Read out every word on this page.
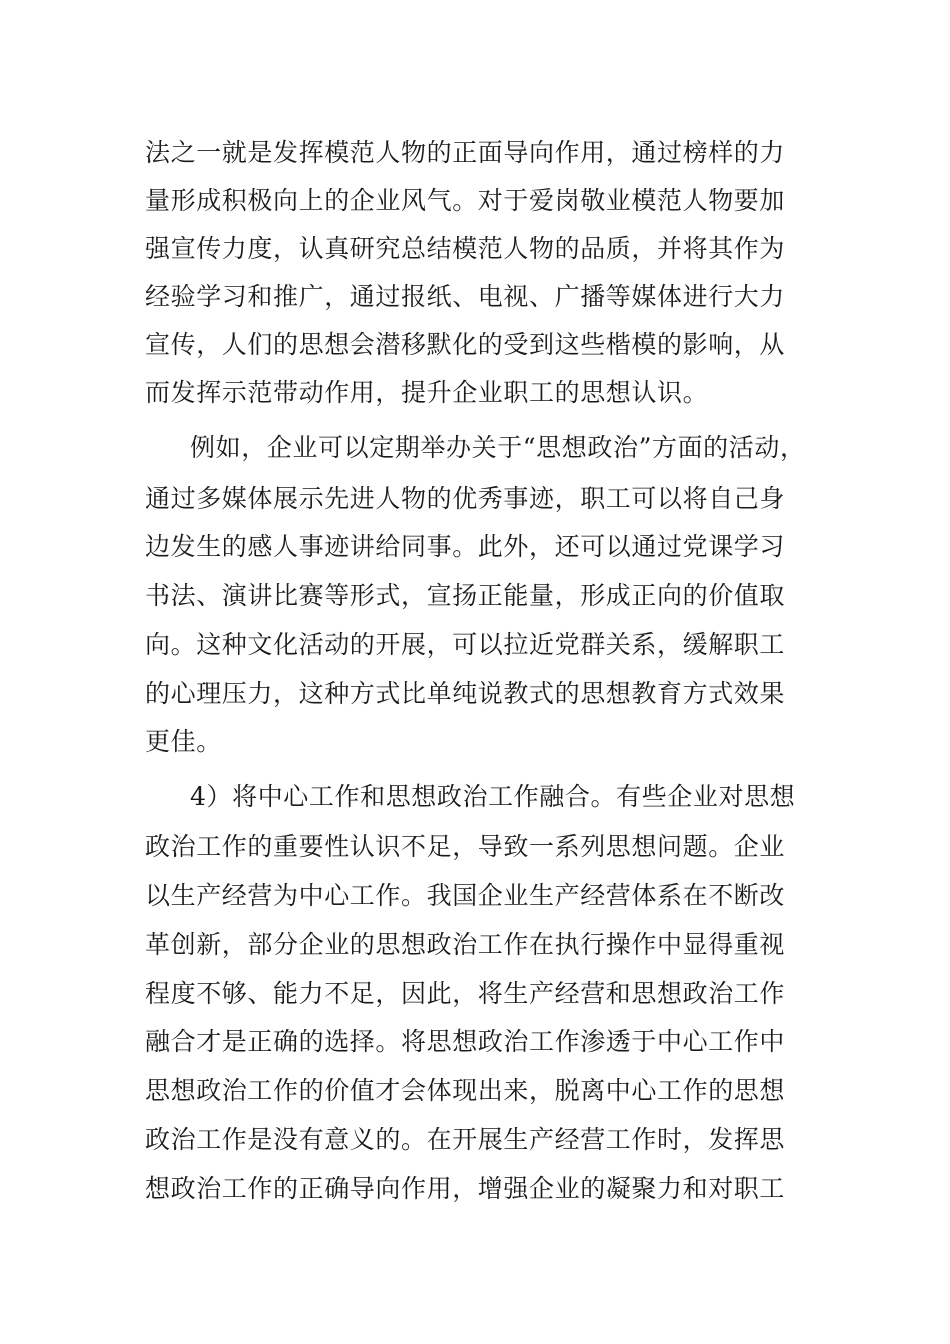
法之一就是发挥模范人物的正面导向作用，通过榜样的力
量形成积极向上的企业风气。对于爱岗敬业模范人物要加
强宣传力度，认真研究总结模范人物的品质，并将其作为
经验学习和推广，通过报纸、电视、广播等媒体进行大力
宣传，人们的思想会潜移默化的受到这些楷模的影响，从
而发挥示范带动作用，提升企业职工的思想认识。
例如，企业可以定期举办关于“思想政治”方面的活动，
通过多媒体展示先进人物的优秀事迹，职工可以将自己身
边发生的感人事迹讲给同事。此外，还可以通过党课学习
书法、演讲比赛等形式，宣扬正能量，形成正向的价值取
向。这种文化活动的开展，可以拉近党群关系，缓解职工
的心理压力，这种方式比单纯说教式的思想教育方式效果
更佳。
4）将中心工作和思想政治工作融合。有些企业对思想
政治工作的重要性认识不足，导致一系列思想问题。企业
以生产经营为中心工作。我国企业生产经营体系在不断改
革创新，部分企业的思想政治工作在执行操作中显得重视
程度不够、能力不足，因此，将生产经营和思想政治工作
融合才是正确的选择。将思想政治工作渗透于中心工作中
思想政治工作的价值才会体现出来，脱离中心工作的思想
政治工作是没有意义的。在开展生产经营工作时，发挥思
想政治工作的正确导向作用，增强企业的凝聚力和对职工
